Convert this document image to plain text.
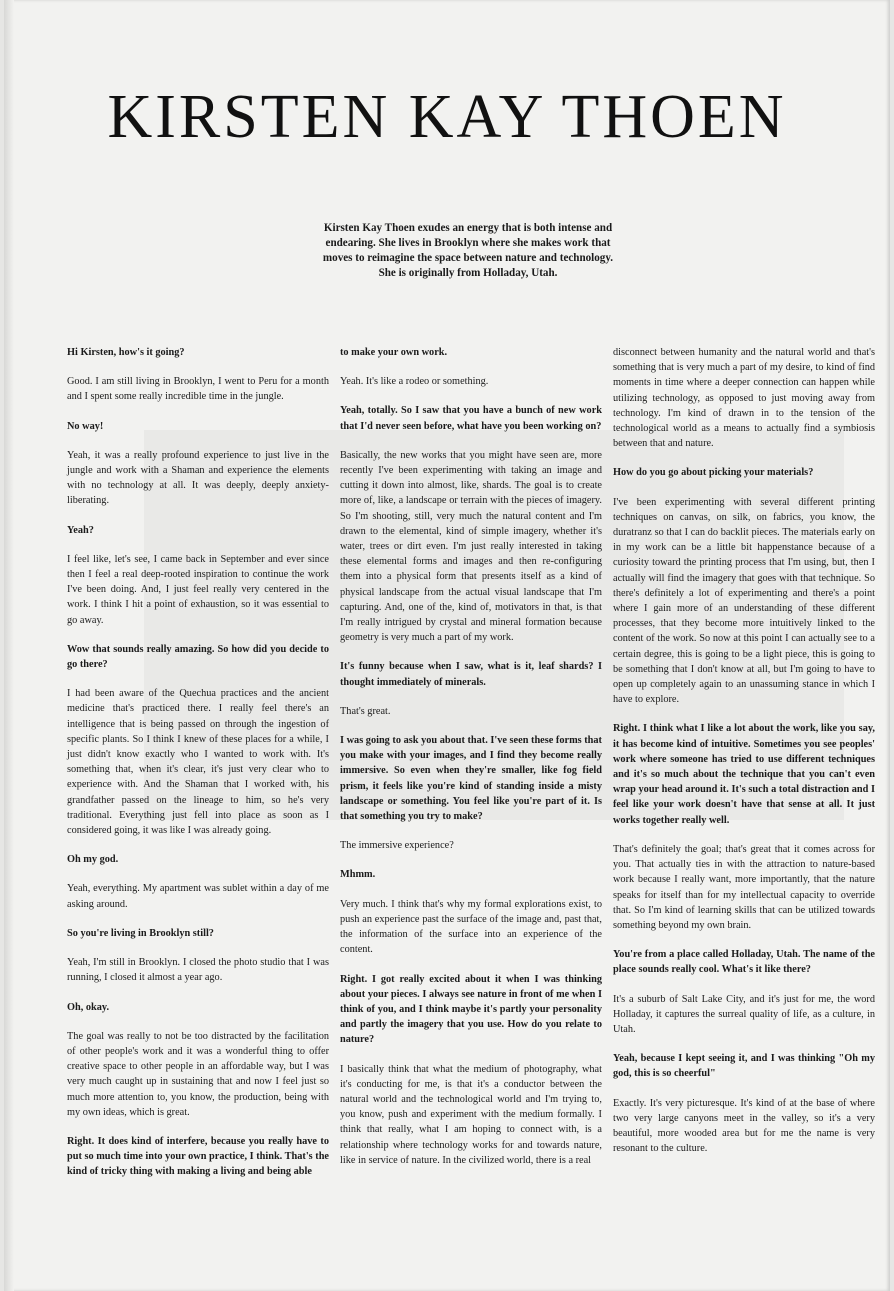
KIRSTEN KAY THOEN

Kirsten Kay Thoen exudes an energy that is both intense and endearing. She lives in Brooklyn where she makes work that moves to reimagine the space between nature and technology. She is originally from Holladay, Utah.

Hi Kirsten, how's it going?

Good. I am still living in Brooklyn, I went to Peru for a month and I spent some really incredible time in the jungle.

No way!

Yeah, it was a really profound experience to just live in the jungle and work with a Shaman and experience the elements with no technology at all. It was deeply, deeply anxiety-liberating.

Yeah?

I feel like, let's see, I came back in September and ever since then I feel a real deep-rooted inspiration to continue the work I've been doing. And, I just feel really very centered in the work. I think I hit a point of exhaustion, so it was essential to go away.

Wow that sounds really amazing. So how did you decide to go there?

I had been aware of the Quechua practices and the ancient medicine that's practiced there. I really feel there's an intelligence that is being passed on through the ingestion of specific plants. So I think I knew of these places for a while, I just didn't know exactly who I wanted to work with. It's something that, when it's clear, it's just very clear who to experience with. And the Shaman that I worked with, his grandfather passed on the lineage to him, so he's very traditional. Everything just fell into place as soon as I considered going, it was like I was already going.

Oh my god.

Yeah, everything. My apartment was sublet within a day of me asking around.

So you're living in Brooklyn still?

Yeah, I'm still in Brooklyn. I closed the photo studio that I was running, I closed it almost a year ago.

Oh, okay.

The goal was really to not be too distracted by the facilitation of other people's work and it was a wonderful thing to offer creative space to other people in an affordable way, but I was very much caught up in sustaining that and now I feel just so much more attention to, you know, the production, being with my own ideas, which is great.

Right. It does kind of interfere, because you really have to put so much time into your own practice, I think. That's the kind of tricky thing with making a living and being able

to make your own work.

Yeah. It's like a rodeo or something.

Yeah, totally. So I saw that you have a bunch of new work that I'd never seen before, what have you been working on?

Basically, the new works that you might have seen are, more recently I've been experimenting with taking an image and cutting it down into almost, like, shards. The goal is to create more of, like, a landscape or terrain with the pieces of imagery. So I'm shooting, still, very much the natural content and I'm drawn to the elemental, kind of simple imagery, whether it's water, trees or dirt even. I'm just really interested in taking these elemental forms and images and then re-configuring them into a physical form that presents itself as a kind of physical landscape from the actual visual landscape that I'm capturing. And, one of the, kind of, motivators in that, is that I'm really intrigued by crystal and mineral formation because geometry is very much a part of my work.

It's funny because when I saw, what is it, leaf shards? I thought immediately of minerals.

That's great.

I was going to ask you about that. I've seen these forms that you make with your images, and I find they become really immersive. So even when they're smaller, like fog field prism, it feels like you're kind of standing inside a misty landscape or something. You feel like you're part of it. Is that something you try to make?

The immersive experience?

Mhmm.

Very much. I think that's why my formal explorations exist, to push an experience past the surface of the image and, past that, the information of the surface into an experience of the content.

Right. I got really excited about it when I was thinking about your pieces. I always see nature in front of me when I think of you, and I think maybe it's partly your personality and partly the imagery that you use. How do you relate to nature?

I basically think that what the medium of photography, what it's conducting for me, is that it's a conductor between the natural world and the technological world and I'm trying to, you know, push and experiment with the medium formally. I think that really, what I am hoping to connect with, is a relationship where technology works for and towards nature, like in service of nature. In the civilized world, there is a real

disconnect between humanity and the natural world and that's something that is very much a part of my desire, to kind of find moments in time where a deeper connection can happen while utilizing technology, as opposed to just moving away from technology. I'm kind of drawn in to the tension of the technological world as a means to actually find a symbiosis between that and nature.

How do you go about picking your materials?

I've been experimenting with several different printing techniques on canvas, on silk, on fabrics, you know, the duratranz so that I can do backlit pieces. The materials early on in my work can be a little bit happenstance because of a curiosity toward the printing process that I'm using, but, then I actually will find the imagery that goes with that technique. So there's definitely a lot of experimenting and there's a point where I gain more of an understanding of these different processes, that they become more intuitively linked to the content of the work. So now at this point I can actually see to a certain degree, this is going to be a light piece, this is going to be something that I don't know at all, but I'm going to have to open up completely again to an unassuming stance in which I have to explore.

Right. I think what I like a lot about the work, like you say, it has become kind of intuitive. Sometimes you see peoples' work where someone has tried to use different techniques and it's so much about the technique that you can't even wrap your head around it. It's such a total distraction and I feel like your work doesn't have that sense at all. It just works together really well.

That's definitely the goal; that's great that it comes across for you. That actually ties in with the attraction to nature-based work because I really want, more importantly, that the nature speaks for itself than for my intellectual capacity to override that. So I'm kind of learning skills that can be utilized towards something beyond my own brain.

You're from a place called Holladay, Utah. The name of the place sounds really cool. What's it like there?

It's a suburb of Salt Lake City, and it's just for me, the word Holladay, it captures the surreal quality of life, as a culture, in Utah.

Yeah, because I kept seeing it, and I was thinking "Oh my god, this is so cheerful"

Exactly. It's very picturesque. It's kind of at the base of where two very large canyons meet in the valley, so it's a very beautiful, more wooded area but for me the name is very resonant to the culture.
